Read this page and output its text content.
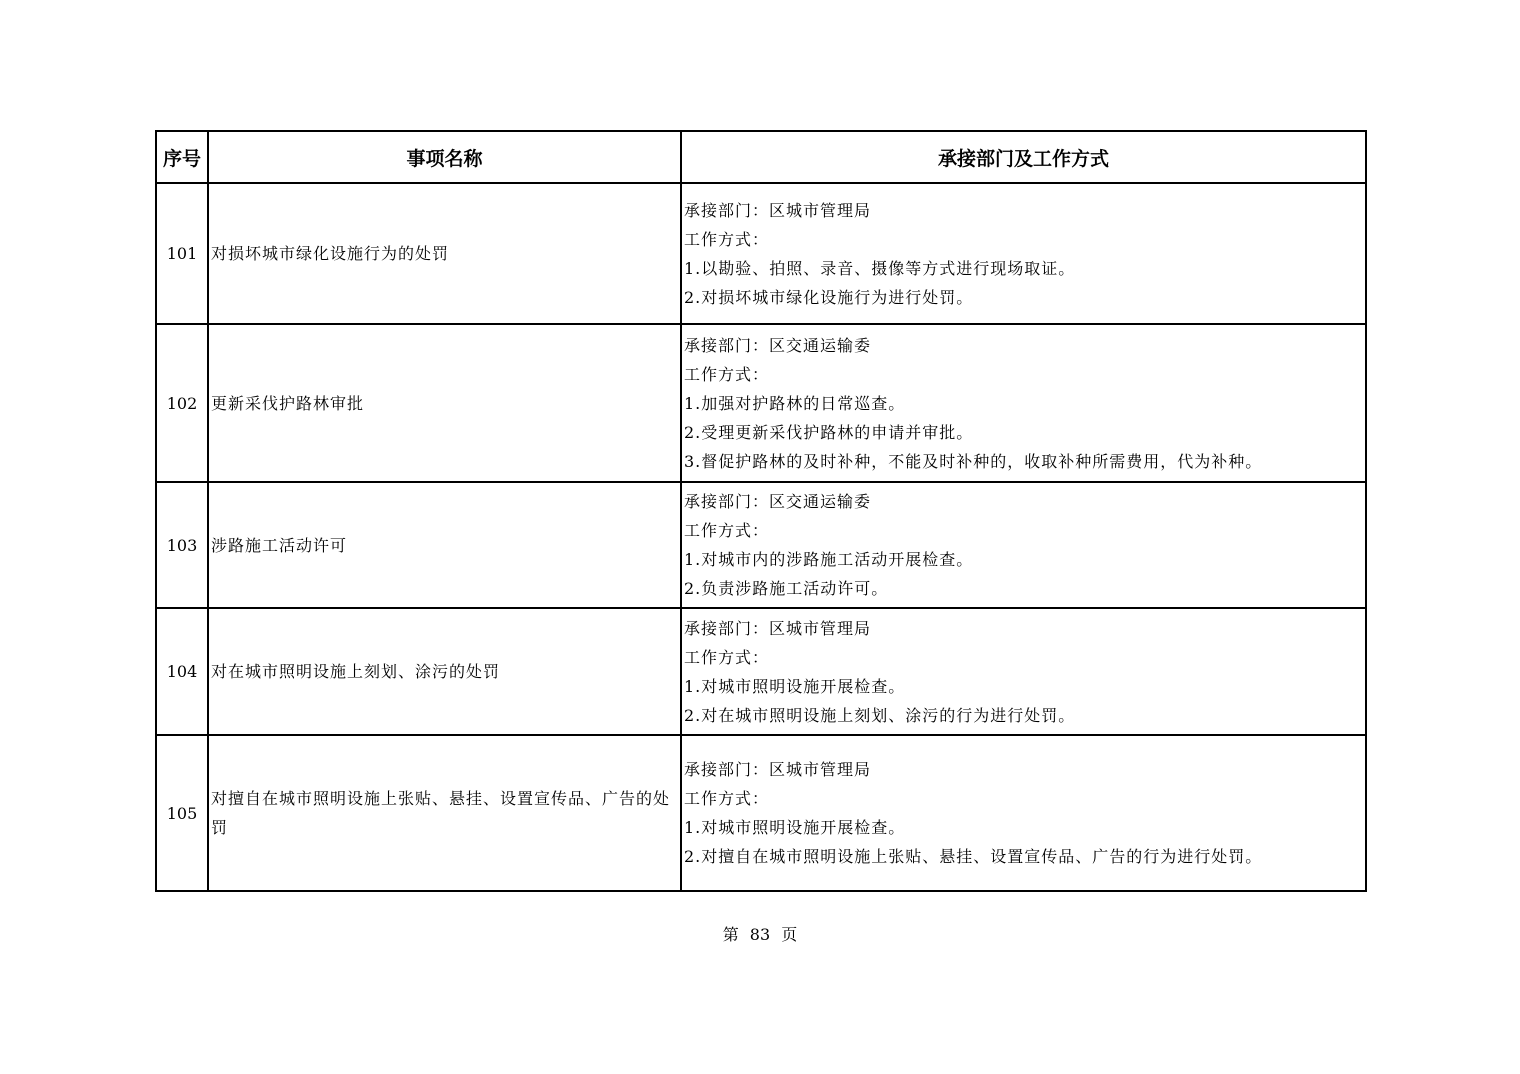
序号	事项名称	承接部门及工作方式
101	对损坏城市绿化设施行为的处罚	承接部门：区城市管理局
工作方式：
1.以勘验、拍照、录音、摄像等方式进行现场取证。
2.对损坏城市绿化设施行为进行处罚。

102	更新采伐护路林审批	承接部门：区交通运输委
工作方式：
1.加强对护路林的日常巡查。
2.受理更新采伐护路林的申请并审批。
3.督促护路林的及时补种，不能及时补种的，收取补种所需费用，代为补种。

103	涉路施工活动许可	承接部门：区交通运输委
工作方式：
1.对城市内的涉路施工活动开展检查。
2.负责涉路施工活动许可。

104	对在城市照明设施上刻划、涂污的处罚	承接部门：区城市管理局
工作方式：
1.对城市照明设施开展检查。
2.对在城市照明设施上刻划、涂污的行为进行处罚。

105	对擅自在城市照明设施上张贴、悬挂、设置宣传品、广告的处罚	承接部门：区城市管理局
工作方式：
1.对城市照明设施开展检查。
2.对擅自在城市照明设施上张贴、悬挂、设置宣传品、广告的行为进行处罚。
第 83 页
